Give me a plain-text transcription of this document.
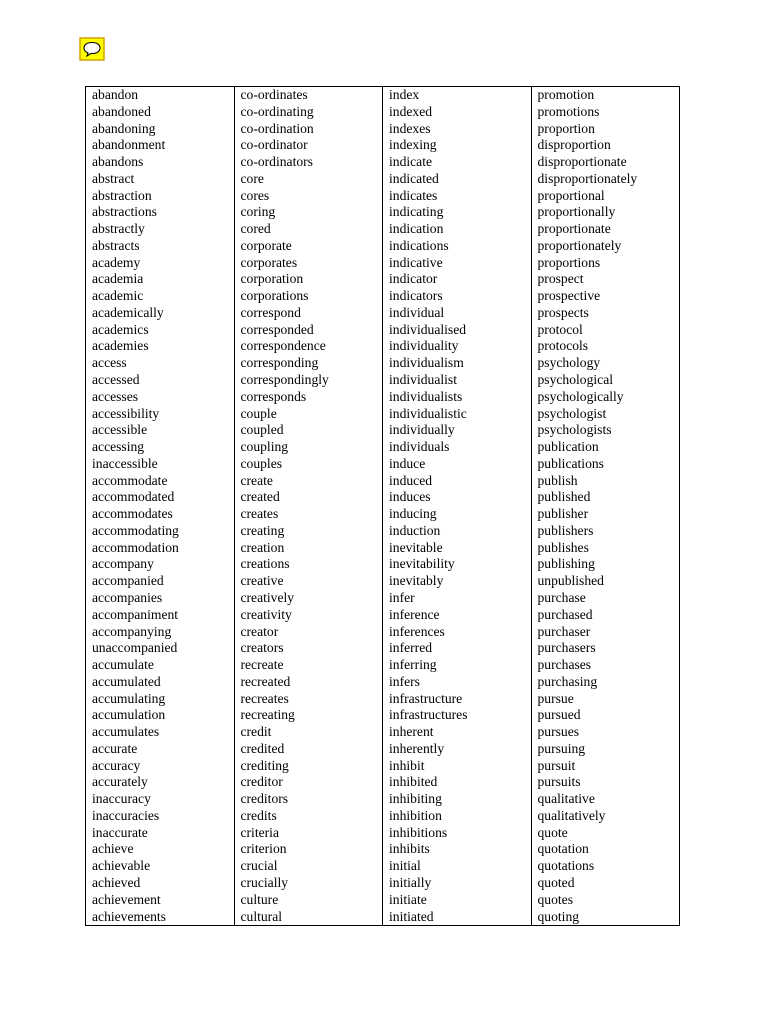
abandon
abandoned
abandoning
abandonment
abandons
abstract
abstraction
abstractions
abstractly
abstracts
academy
academia
academic
academically
academics
academies
access
accessed
accesses
accessibility
accessible
accessing
inaccessible
accommodate
accommodated
accommodates
accommodating
accommodation
accompany
accompanied
accompanies
accompaniment
accompanying
unaccompanied
accumulate
accumulated
accumulating
accumulation
accumulates
accurate
accuracy
accurately
inaccuracy
inaccuracies
inaccurate
achieve
achievable
achieved
achievement
achievements
co-ordinates
co-ordinating
co-ordination
co-ordinator
co-ordinators
core
cores
coring
cored
corporate
corporates
corporation
corporations
correspond
corresponded
correspondence
corresponding
correspondingly
corresponds
couple
coupled
coupling
couples
create
created
creates
creating
creation
creations
creative
creatively
creativity
creator
creators
recreate
recreated
recreates
recreating
credit
credited
crediting
creditor
creditors
credits
criteria
criterion
crucial
crucially
culture
cultural
index
indexed
indexes
indexing
indicate
indicated
indicates
indicating
indication
indications
indicative
indicator
indicators
individual
individualised
individuality
individualism
individualist
individualists
individualistic
individually
individuals
induce
induced
induces
inducing
induction
inevitable
inevitability
inevitably
infer
inference
inferences
inferred
inferring
infers
infrastructure
infrastructures
inherent
inherently
inhibit
inhibited
inhibiting
inhibition
inhibitions
inhibits
initial
initially
initiate
initiated
promotion
promotions
proportion
disproportion
disproportionate
disproportionately
proportional
proportionally
proportionate
proportionately
proportions
prospect
prospective
prospects
protocol
protocols
psychology
psychological
psychologically
psychologist
psychologists
publication
publications
publish
published
publisher
publishers
publishes
publishing
unpublished
purchase
purchased
purchaser
purchasers
purchases
purchasing
pursue
pursued
pursues
pursuing
pursuit
pursuits
qualitative
qualitatively
quote
quotation
quotations
quoted
quotes
quoting
